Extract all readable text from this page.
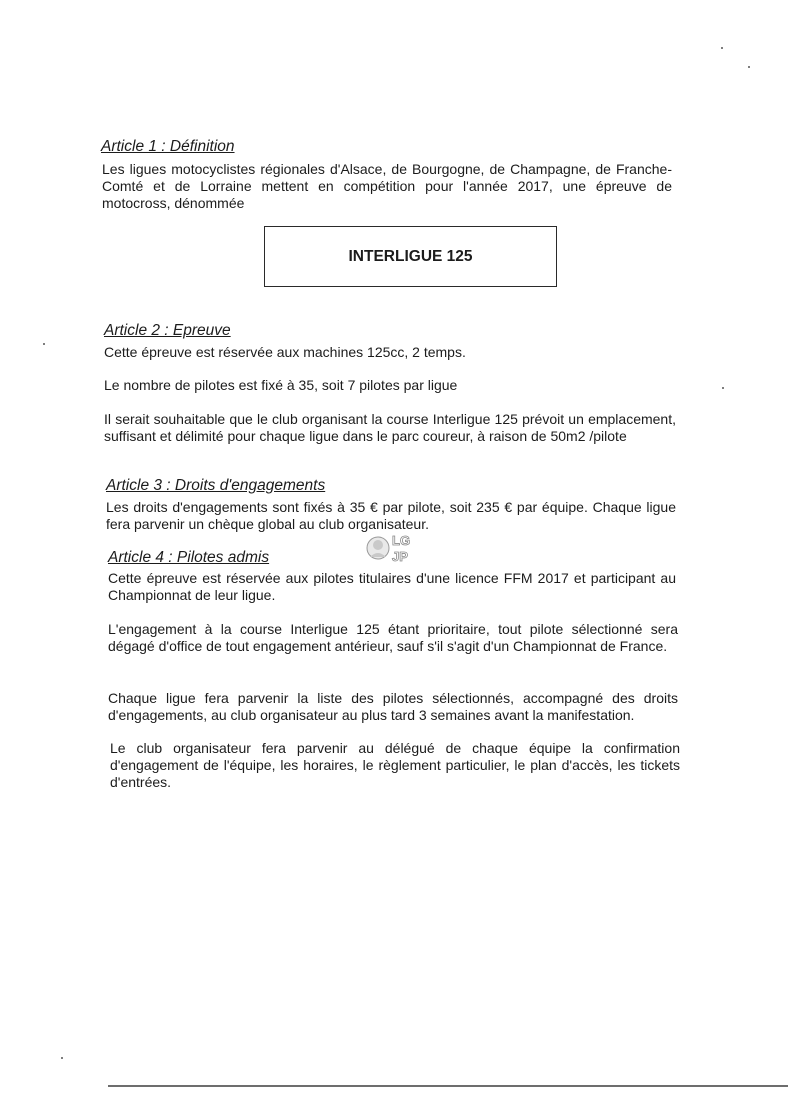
Article 1 : Définition

Les ligues motocyclistes régionales d'Alsace, de Bourgogne, de Champagne, de Franche-Comté et de Lorraine mettent en compétition pour l'année 2017, une épreuve de motocross, dénommée

INTERLIGUE 125
Article 2 : Epreuve

Cette épreuve est réservée aux machines 125cc, 2 temps.

Le nombre de pilotes est fixé à 35, soit 7 pilotes par ligue

Il serait souhaitable que le club organisant la course Interligue 125 prévoit un emplacement, suffisant et délimité pour chaque ligue dans le parc coureur, à raison de 50m2 /pilote

Article 3 : Droits d'engagements

Les droits d'engagements sont fixés à 35 € par pilote, soit 235 € par équipe. Chaque ligue fera parvenir un chèque global au club organisateur.

Article 4 : Pilotes admis

Cette épreuve est réservée aux pilotes titulaires d'une licence FFM 2017 et participant au Championnat de leur ligue.

L'engagement à la course Interligue 125 étant prioritaire, tout pilote sélectionné sera dégagé d'office de tout engagement antérieur, sauf s'il s'agit d'un Championnat de France.

Chaque ligue fera parvenir la liste des pilotes sélectionnés, accompagné des droits d'engagements, au club organisateur au plus tard 3 semaines avant la manifestation.

Le club organisateur fera parvenir au délégué de chaque équipe la confirmation d'engagement de l'équipe, les horaires, le règlement particulier, le plan d'accès, les tickets d'entrées.

LG
JP
